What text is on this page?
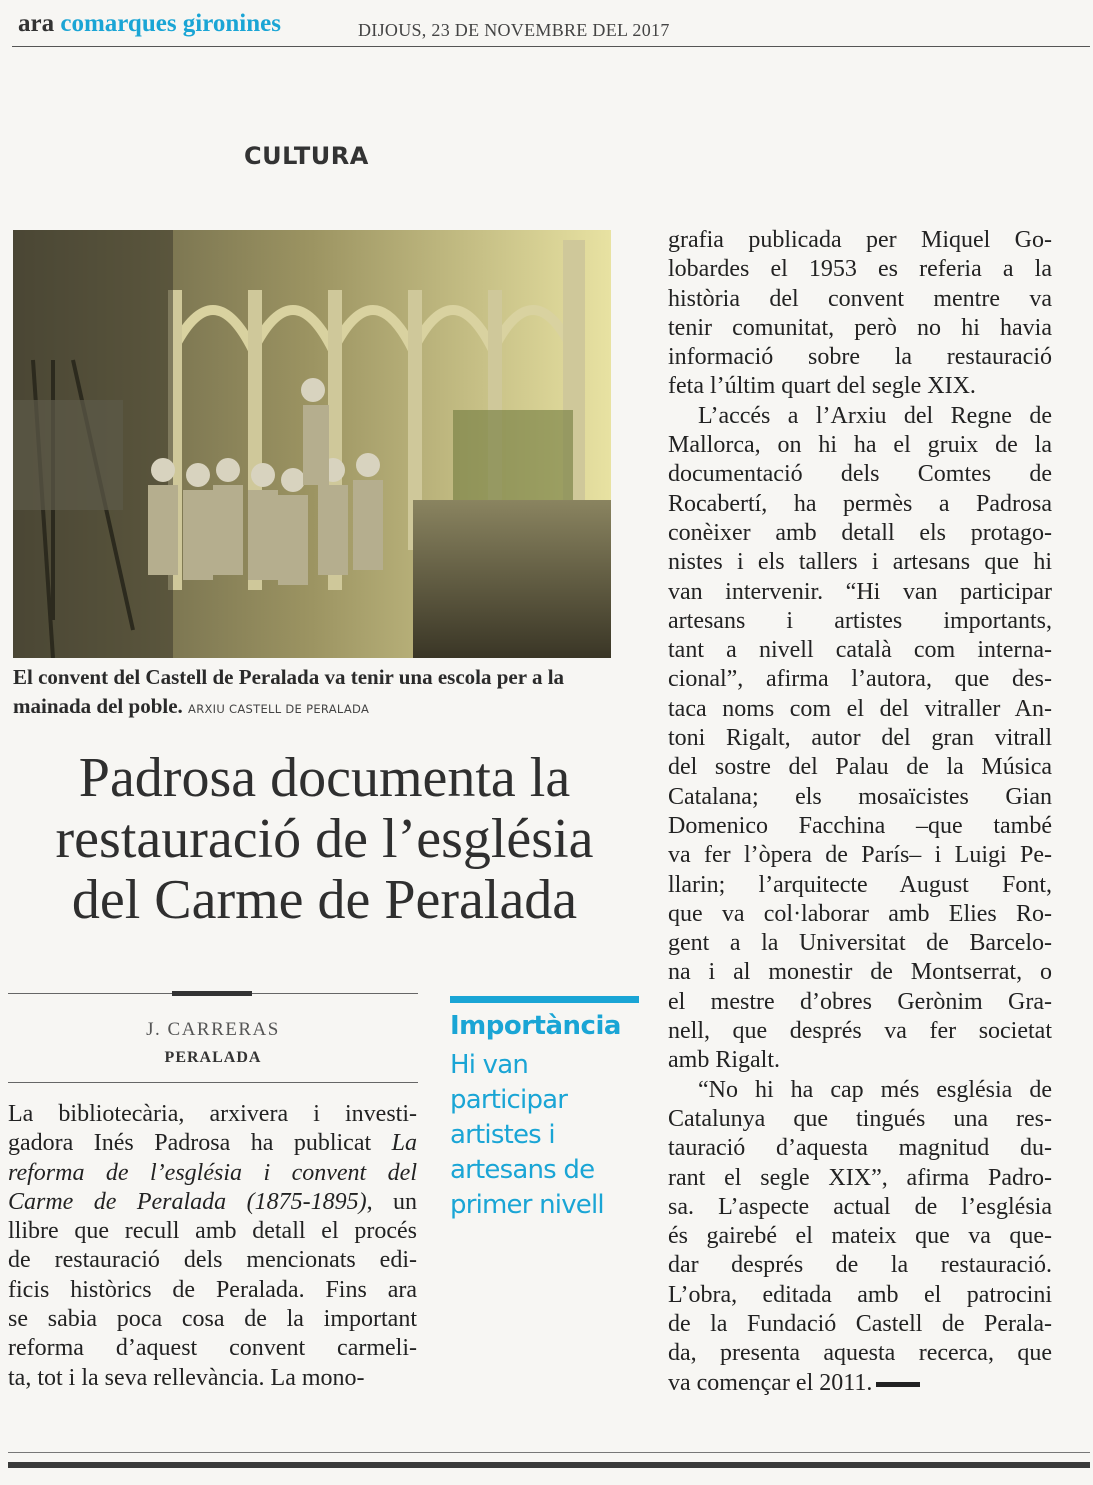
ara comarques gironines	DIJOUS, 23 DE NOVEMBRE DEL 2017
CULTURA
El convent del Castell de Peralada va tenir una escola per a la mainada del poble. ARXIU CASTELL DE PERALADA
Padrosa documenta la
restauració de l’església
del Carme de Peralada
J. CARRERAS
PERALADA
La bibliotecària, arxivera i investi-
gadora Inés Padrosa ha publicat La
reforma de l’església i convent del
Carme de Peralada (1875-1895), un
llibre que recull amb detall el procés
de restauració dels mencionats edi-
ficis històrics de Peralada. Fins ara
se sabia poca cosa de la important
reforma d’aquest convent carmeli-
ta, tot i la seva rellevància. La mono-
Importància
Hi van
participar
artistes i
artesans de
primer nivell
grafia publicada per Miquel Go-
lobardes el 1953 es referia a la
història del convent mentre va
tenir comunitat, però no hi havia
informació sobre la restauració
feta l’últim quart del segle XIX.
L’accés a l’Arxiu del Regne de
Mallorca, on hi ha el gruix de la
documentació dels Comtes de
Rocabertí, ha permès a Padrosa
conèixer amb detall els protago-
nistes i els tallers i artesans que hi
van intervenir. “Hi van participar
artesans i artistes importants,
tant a nivell català com interna-
cional”, afirma l’autora, que des-
taca noms com el del vitraller An-
toni Rigalt, autor del gran vitrall
del sostre del Palau de la Música
Catalana; els mosaïcistes Gian
Domenico Facchina –que també
va fer l’òpera de París– i Luigi Pe-
llarin; l’arquitecte August Font,
que va col·laborar amb Elies Ro-
gent a la Universitat de Barcelo-
na i al monestir de Montserrat, o
el mestre d’obres Gerònim Gra-
nell, que després va fer societat
amb Rigalt.
“No hi ha cap més església de
Catalunya que tingués una res-
tauració d’aquesta magnitud du-
rant el segle XIX”, afirma Padro-
sa. L’aspecte actual de l’església
és gairebé el mateix que va que-
dar després de la restauració.
L’obra, editada amb el patrocini
de la Fundació Castell de Perala-
da, presenta aquesta recerca, que
va començar el 2011.
